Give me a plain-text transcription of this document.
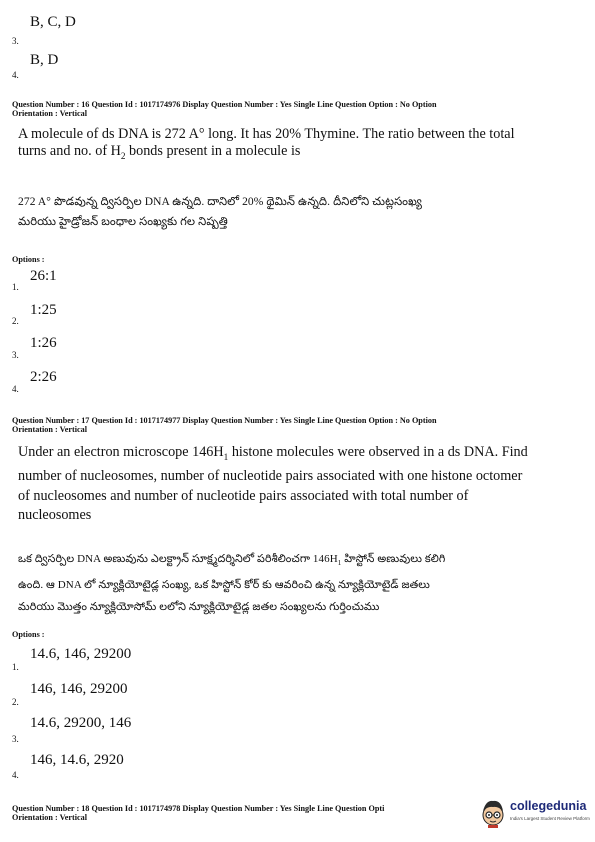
B, C, D
3.
B, D
4.
Question Number : 16 Question Id : 1017174976 Display Question Number : Yes Single Line Question Option : No Option
Orientation : Vertical
A molecule of ds DNA is 272 A° long. It has 20% Thymine. The ratio between the total
turns and no. of $H_2$ bonds present in a molecule is
272 A° పొడవున్న ద్విసర్పిల DNA ఉన్నది. దానిలో 20% థైమిన్ ఉన్నది. దీనిలోని చుట్లసంఖ్య
మరియు హైడ్రోజన్ బంధాల సంఖ్యకు గల నిష్పత్తి
Options :
26:1
1.
1:25
2.
1:26
3.
2:26
4.
Question Number : 17 Question Id : 1017174977 Display Question Number : Yes Single Line Question Option : No Option
Orientation : Vertical
Under an electron microscope $146H_1$ histone molecules were observed in a ds DNA. Find
number of nucleosomes, number of nucleotide pairs associated with one histone octomer
of nucleosomes and number of nucleotide pairs associated with total number of
nucleosomes
ఒక ద్విసర్పిల DNA అణువును ఎలక్ట్రాన్ సూక్ష్మదర్శినిలో పరిశీలించగా $146H_1$ హిస్టోన్ అణువులు కలిగి
ఉంది. ఆ DNA లో న్యూక్లియోటైడ్ల సంఖ్య, ఒక హిస్టోన్ కోర్ కు ఆవరించి ఉన్న న్యూక్లియోటైడ్ జతలు
మరియు మొత్తం న్యూక్లియోసోమ్ లలోని న్యూక్లియోటైడ్ల జతల సంఖ్యలను గుర్తించుము
Options :
14.6, 146, 29200
1.
146, 146, 29200
2.
14.6, 29200, 146
3.
146, 14.6, 2920
4.
Question Number : 18 Question Id : 1017174978 Display Question Number : Yes Single Line Question Opti
Orientation : Vertical
collegedunia
India's Largest Student Review Platform
